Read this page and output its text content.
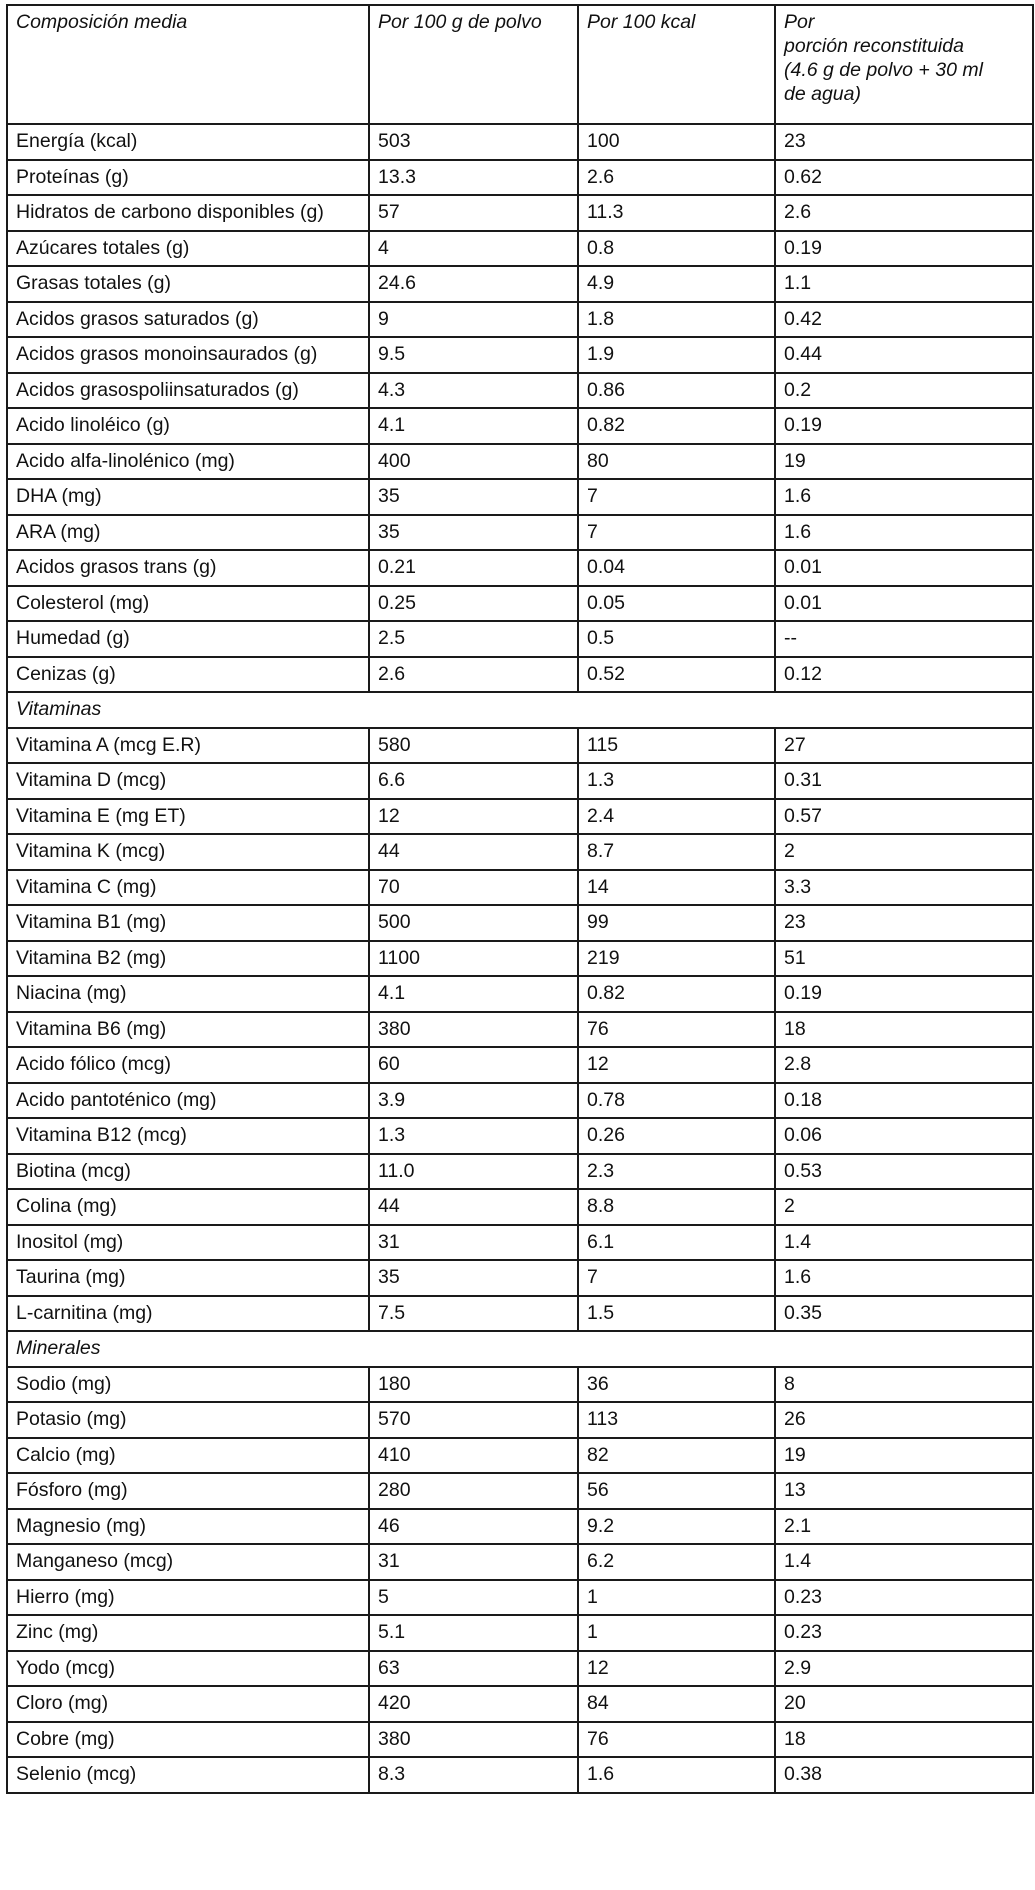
Composición media	Por 100 g de polvo	Por 100 kcal	Por
porción reconstituida
(4.6 g de polvo + 30 ml
de agua)

Energía (kcal)	503	100	23
Proteínas (g)	13.3	2.6	0.62
Hidratos de carbono disponibles (g)	57	11.3	2.6
Azúcares totales (g)	4	0.8	0.19
Grasas totales (g)	24.6	4.9	1.1
Acidos grasos saturados (g)	9	1.8	0.42
Acidos grasos monoinsaurados (g)	9.5	1.9	0.44
Acidos grasospoliinsaturados (g)	4.3	0.86	0.2
Acido linoléico (g)	4.1	0.82	0.19
Acido alfa-linolénico (mg)	400	80	19
DHA (mg)	35	7	1.6
ARA (mg)	35	7	1.6
Acidos grasos trans (g)	0.21	0.04	0.01
Colesterol (mg)	0.25	0.05	0.01
Humedad (g)	2.5	0.5	--
Cenizas (g)	2.6	0.52	0.12
Vitaminas			
Vitamina A (mcg E.R)	580	115	27
Vitamina D (mcg)	6.6	1.3	0.31
Vitamina E (mg ET)	12	2.4	0.57
Vitamina K (mcg)	44	8.7	2
Vitamina C (mg)	70	14	3.3
Vitamina B1 (mg)	500	99	23
Vitamina B2 (mg)	1100	219	51
Niacina (mg)	4.1	0.82	0.19
Vitamina B6 (mg)	380	76	18
Acido fólico (mcg)	60	12	2.8
Acido pantoténico (mg)	3.9	0.78	0.18
Vitamina B12 (mcg)	1.3	0.26	0.06
Biotina (mcg)	11.0	2.3	0.53
Colina (mg)	44	8.8	2
Inositol (mg)	31	6.1	1.4
Taurina (mg)	35	7	1.6
L-carnitina (mg)	7.5	1.5	0.35
Minerales			
Sodio (mg)	180	36	8
Potasio (mg)	570	113	26
Calcio (mg)	410	82	19
Fósforo (mg)	280	56	13
Magnesio (mg)	46	9.2	2.1
Manganeso (mcg)	31	6.2	1.4
Hierro (mg)	5	1	0.23
Zinc (mg)	5.1	1	0.23
Yodo (mcg)	63	12	2.9
Cloro (mg)	420	84	20
Cobre (mg)	380	76	18
Selenio (mcg)	8.3	1.6	0.38
